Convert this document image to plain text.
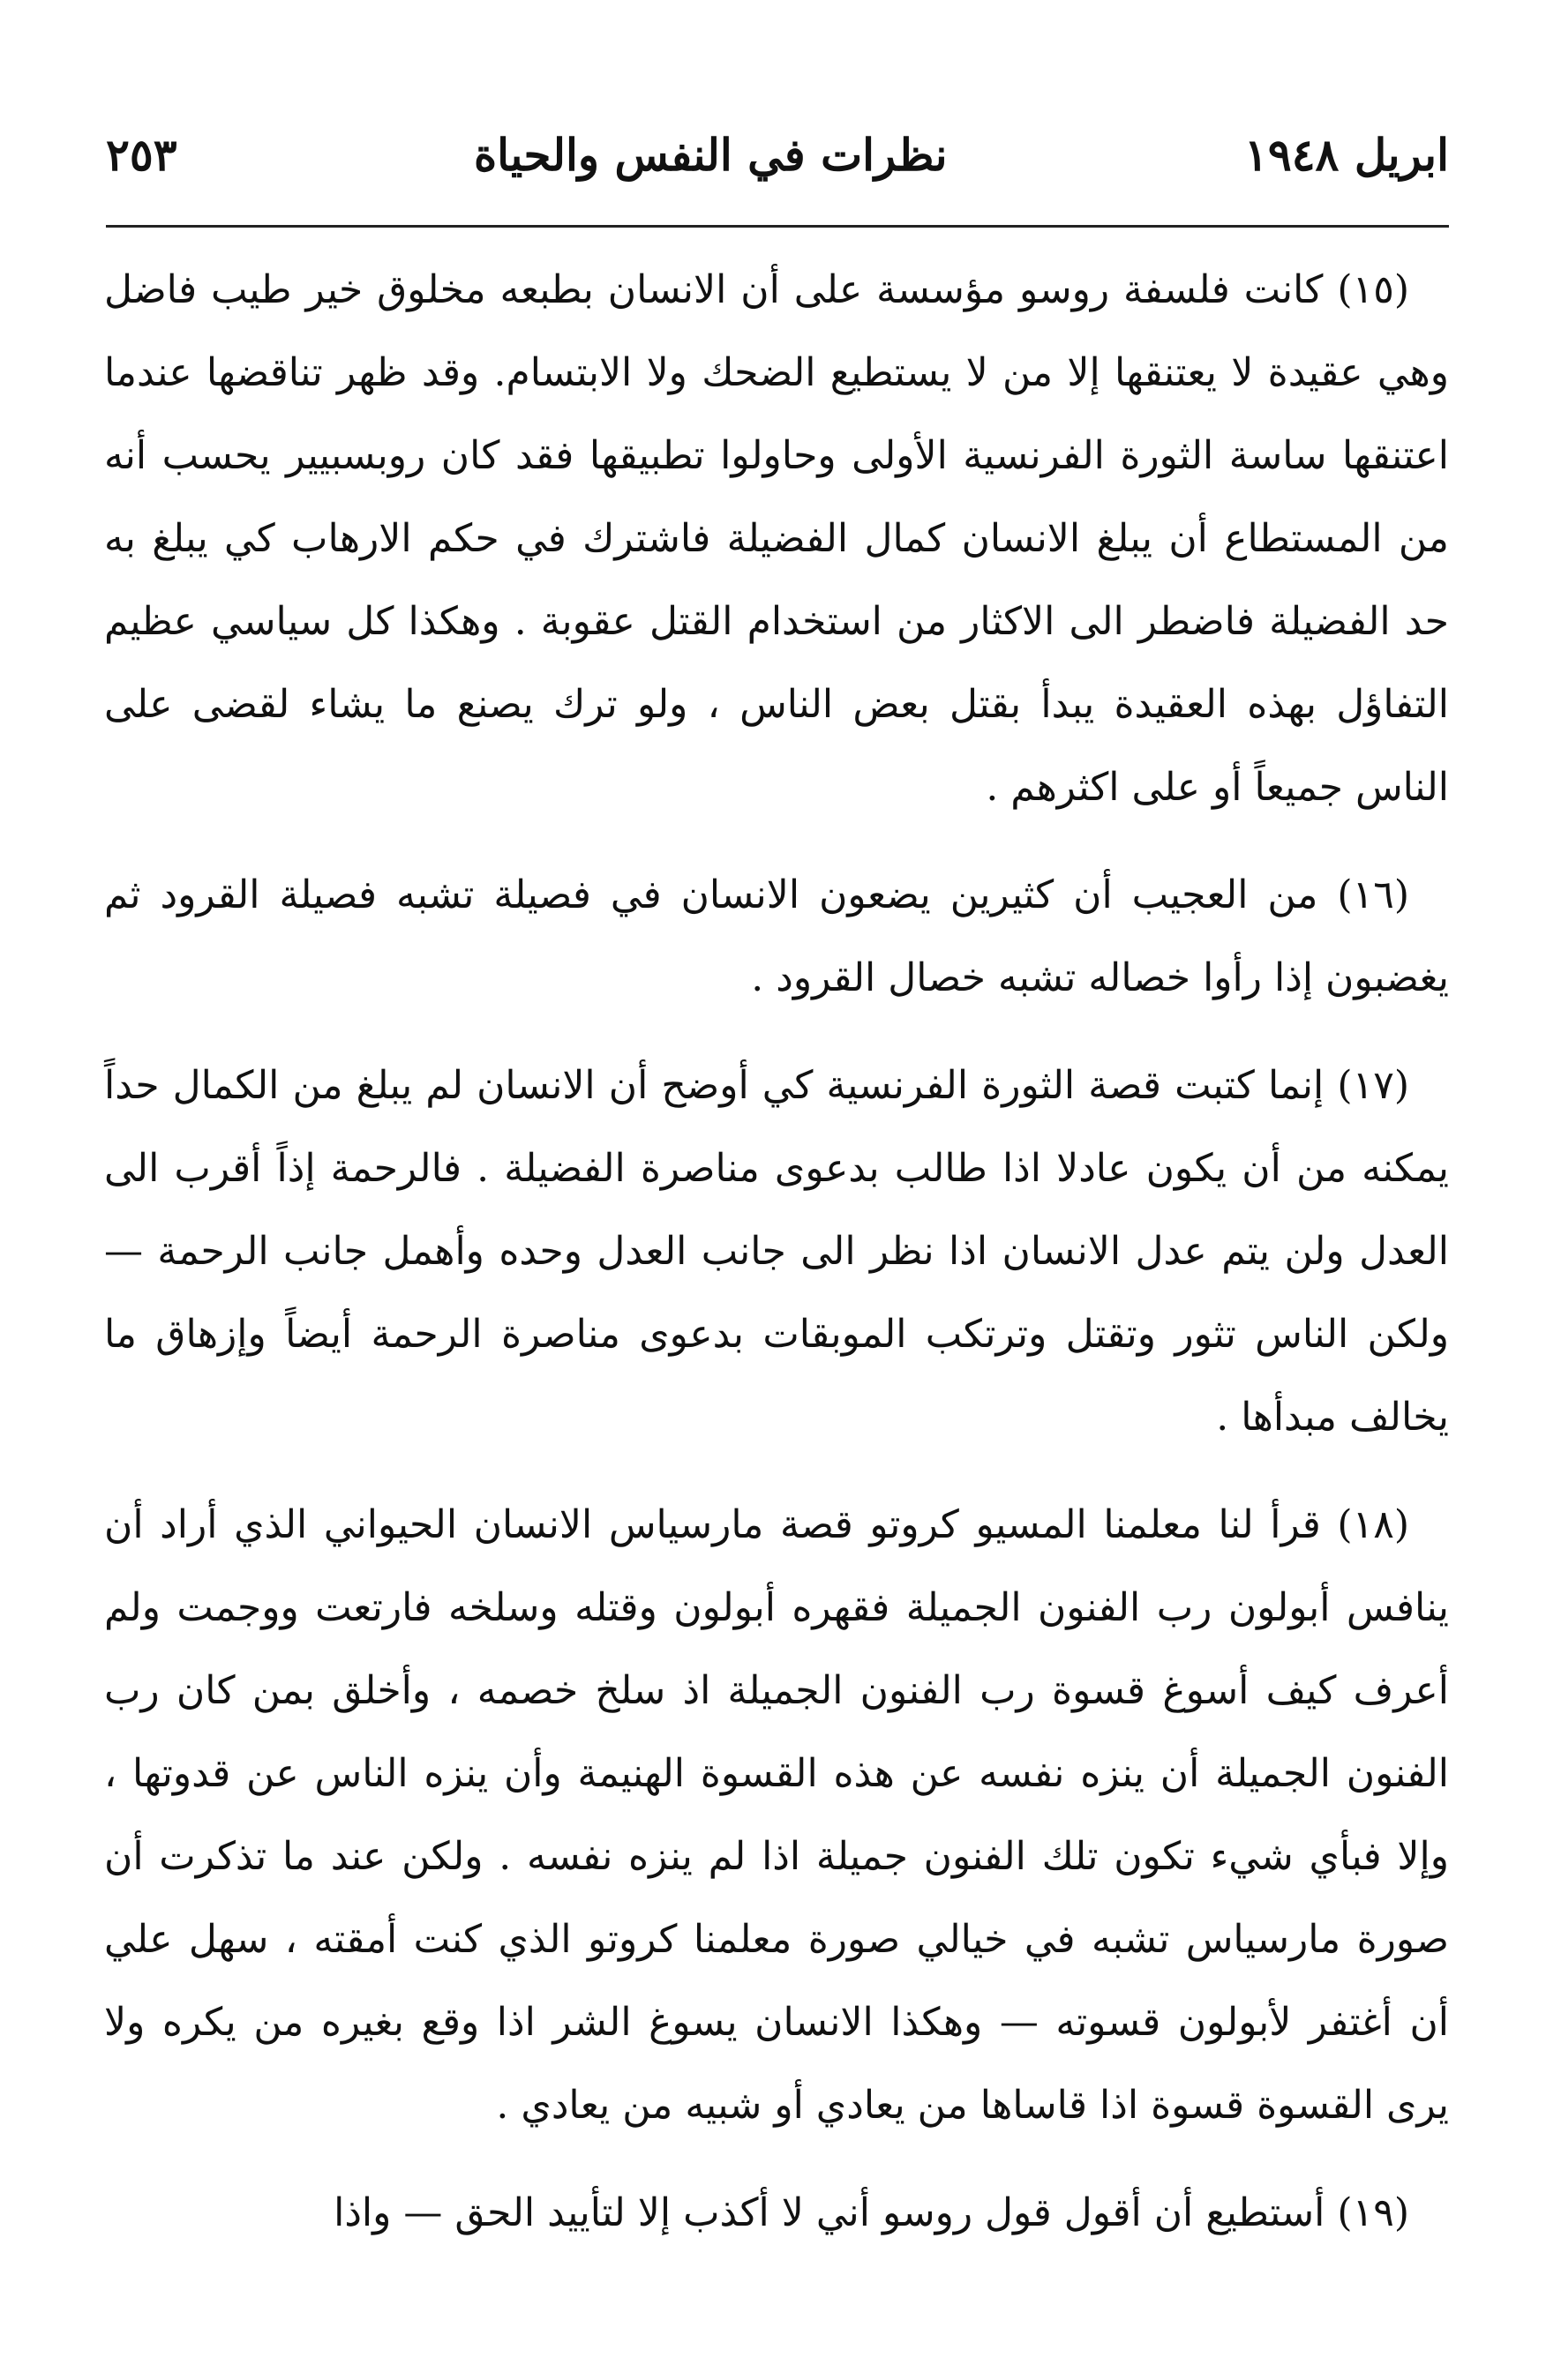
ابريل ١٩٤٨
نظرات في النفس والحياة
٢٥٣

(١٥) كانت فلسفة روسو مؤسسة على أن الانسان بطبعه مخلوق خير طيب فاضل وهي عقيدة لا يعتنقها إلا من لا يستطيع الضحك ولا الابتسام. وقد ظهر تناقضها عندما اعتنقها ساسة الثورة الفرنسية الأولى وحاولوا تطبيقها فقد كان روبسبيير يحسب أنه من المستطاع أن يبلغ الانسان كمال الفضيلة فاشترك في حكم الارهاب كي يبلغ به حد الفضيلة فاضطر الى الاكثار من استخدام القتل عقوبة . وهكذا كل سياسي عظيم التفاؤل بهذه العقيدة يبدأ بقتل بعض الناس ، ولو ترك يصنع ما يشاء لقضى على الناس جميعاً أو على اكثرهم .

(١٦) من العجيب أن كثيرين يضعون الانسان في فصيلة تشبه فصيلة القرود ثم يغضبون إذا رأوا خصاله تشبه خصال القرود .

(١٧) إنما كتبت قصة الثورة الفرنسية كي أوضح أن الانسان لم يبلغ من الكمال حداً يمكنه من أن يكون عادلا اذا طالب بدعوى مناصرة الفضيلة . فالرحمة إذاً أقرب الى العدل ولن يتم عدل الانسان اذا نظر الى جانب العدل وحده وأهمل جانب الرحمة — ولكن الناس تثور وتقتل وترتكب الموبقات بدعوى مناصرة الرحمة أيضاً وإزهاق ما يخالف مبدأها .

(١٨) قرأ لنا معلمنا المسيو كروتو قصة مارسياس الانسان الحيواني الذي أراد أن ينافس أبولون رب الفنون الجميلة فقهره أبولون وقتله وسلخه فارتعت ووجمت ولم أعرف كيف أسوغ قسوة رب الفنون الجميلة اذ سلخ خصمه ، وأخلق بمن كان رب الفنون الجميلة أن ينزه نفسه عن هذه القسوة الهنيمة وأن ينزه الناس عن قدوتها ، وإلا فبأي شيء تكون تلك الفنون جميلة اذا لم ينزه نفسه . ولكن عند ما تذكرت أن صورة مارسياس تشبه في خيالي صورة معلمنا كروتو الذي كنت أمقته ، سهل علي أن أغتفر لأبولون قسوته — وهكذا الانسان يسوغ الشر اذا وقع بغيره من يكره ولا يرى القسوة قسوة اذا قاساها من يعادي أو شبيه من يعادي .

(١٩) أستطيع أن أقول قول روسو أني لا أكذب إلا لتأييد الحق — واذا
